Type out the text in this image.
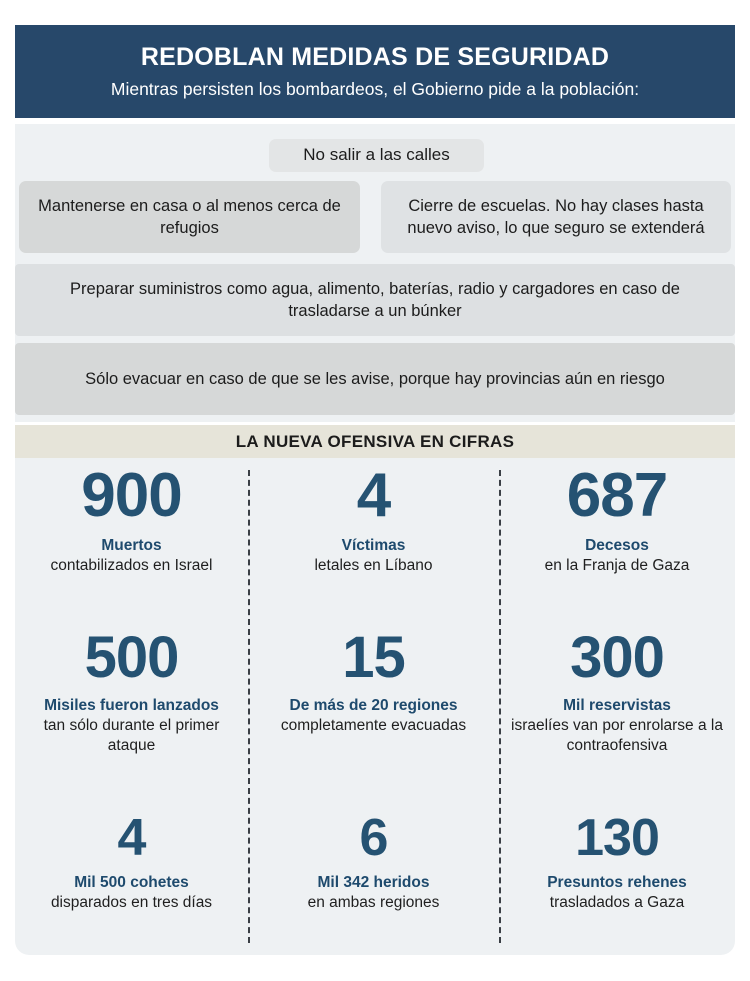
REDOBLAN MEDIDAS DE SEGURIDAD
Mientras persisten los bombardeos, el Gobierno pide a la población:
No salir a las calles
Mantenerse en casa o al menos cerca de refugios
Cierre de escuelas. No hay clases hasta nuevo aviso, lo que seguro se extenderá
Preparar suministros como agua, alimento, baterías, radio y cargadores en caso de trasladarse a un búnker
Sólo evacuar en caso de que se les avise, porque hay provincias aún en riesgo
LA NUEVA OFENSIVA EN CIFRAS
900
Muertos
contabilizados en Israel
4
Víctimas
letales en Líbano
687
Decesos
en la Franja de Gaza
500
Misiles fueron lanzados
tan sólo durante el primer ataque
15
De más de 20 regiones
completamente evacuadas
300
Mil reservistas
israelíes van por enrolarse a la contraofensiva
4
Mil 500 cohetes
disparados en tres días
6
Mil 342 heridos
en ambas regiones
130
Presuntos rehenes
trasladados a Gaza
